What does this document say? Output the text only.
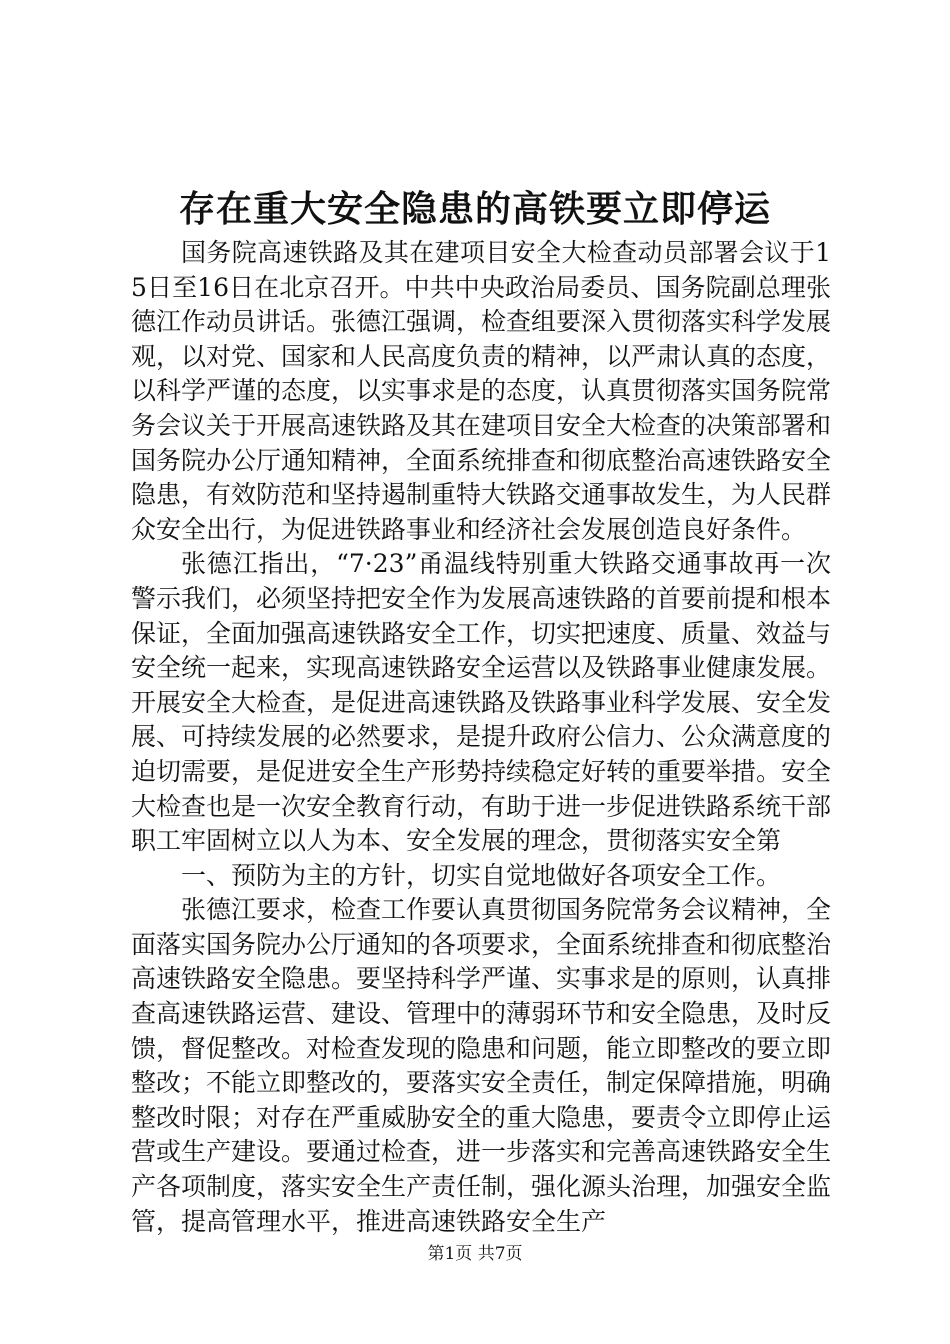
存在重大安全隐患的高铁要立即停运

国务院高速铁路及其在建项目安全大检查动员部署会议于15日至16日在北京召开。中共中央政治局委员、国务院副总理张德江作动员讲话。张德江强调，检查组要深入贯彻落实科学发展观，以对党、国家和人民高度负责的精神，以严肃认真的态度，以科学严谨的态度，以实事求是的态度，认真贯彻落实国务院常务会议关于开展高速铁路及其在建项目安全大检查的决策部署和国务院办公厅通知精神，全面系统排查和彻底整治高速铁路安全隐患，有效防范和坚持遏制重特大铁路交通事故发生，为人民群众安全出行，为促进铁路事业和经济社会发展创造良好条件。

张德江指出，“7·23”甬温线特别重大铁路交通事故再一次警示我们，必须坚持把安全作为发展高速铁路的首要前提和根本保证，全面加强高速铁路安全工作，切实把速度、质量、效益与安全统一起来，实现高速铁路安全运营以及铁路事业健康发展。开展安全大检查，是促进高速铁路及铁路事业科学发展、安全发展、可持续发展的必然要求，是提升政府公信力、公众满意度的迫切需要，是促进安全生产形势持续稳定好转的重要举措。安全大检查也是一次安全教育行动，有助于进一步促进铁路系统干部职工牢固树立以人为本、安全发展的理念，贯彻落实安全第

一、预防为主的方针，切实自觉地做好各项安全工作。

张德江要求，检查工作要认真贯彻国务院常务会议精神，全面落实国务院办公厅通知的各项要求，全面系统排查和彻底整治高速铁路安全隐患。要坚持科学严谨、实事求是的原则，认真排查高速铁路运营、建设、管理中的薄弱环节和安全隐患，及时反馈，督促整改。对检查发现的隐患和问题，能立即整改的要立即整改；不能立即整改的，要落实安全责任，制定保障措施，明确整改时限；对存在严重威胁安全的重大隐患，要责令立即停止运营或生产建设。要通过检查，进一步落实和完善高速铁路安全生产各项制度，落实安全生产责任制，强化源头治理，加强安全监管，提高管理水平，推进高速铁路安全生产

第1页 共7页
